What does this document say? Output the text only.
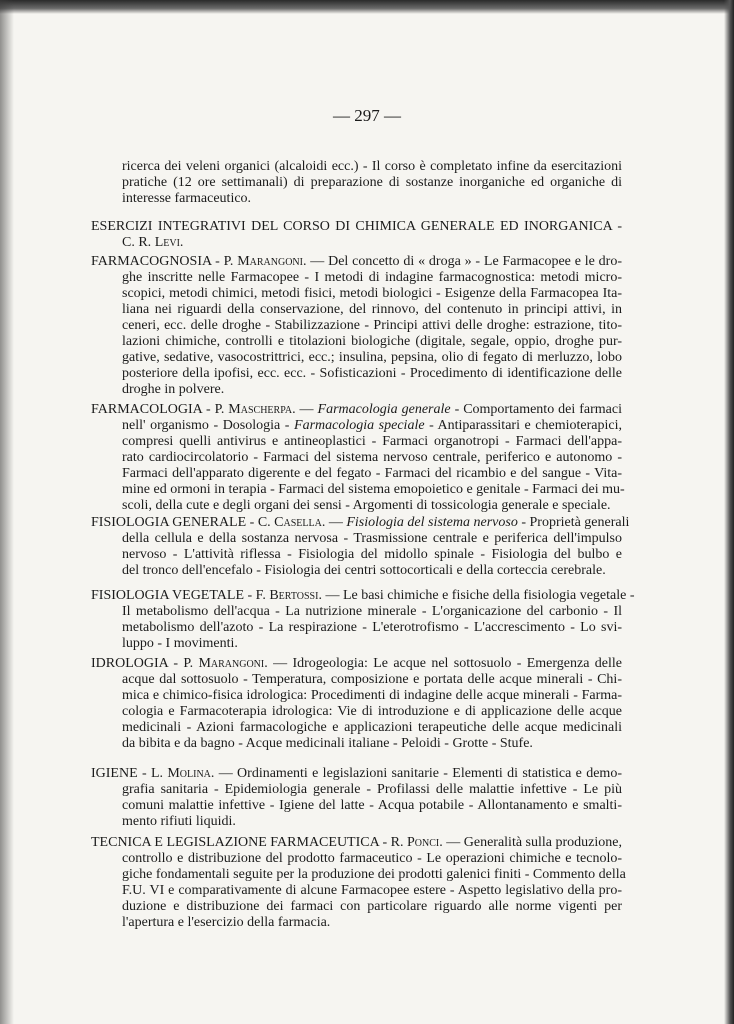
— 297 —
ricerca dei veleni organici (alcaloidi ecc.) - Il corso è completato infine da esercitazioni
pratiche (12 ore settimanali) di preparazione di sostanze inorganiche ed organiche di
interesse farmaceutico.
ESERCIZI INTEGRATIVI DEL CORSO DI CHIMICA GENERALE ED INORGANICA -
C. R. Levi.
FARMACOGNOSIA - P. Marangoni. — Del concetto di « droga » - Le Farmacopee e le dro-
ghe inscritte nelle Farmacopee - I metodi di indagine farmacognostica: metodi micro-
scopici, metodi chimici, metodi fisici, metodi biologici - Esigenze della Farmacopea Ita-
liana nei riguardi della conservazione, del rinnovo, del contenuto in principi attivi, in
ceneri, ecc. delle droghe - Stabilizzazione - Principi attivi delle droghe: estrazione, tito-
lazioni chimiche, controlli e titolazioni biologiche (digitale, segale, oppio, droghe pur-
gative, sedative, vasocostrittrici, ecc.; insulina, pepsina, olio di fegato di merluzzo, lobo
posteriore della ipofisi, ecc. ecc. - Sofisticazioni - Procedimento di identificazione delle
droghe in polvere.
FARMACOLOGIA - P. Mascherpa. — Farmacologia generale - Comportamento dei farmaci
nell' organismo - Dosologia - Farmacologia speciale - Antiparassitari e chemioterapici,
compresi quelli antivirus e antineoplastici - Farmaci organotropi - Farmaci dell'appa-
rato cardiocircolatorio - Farmaci del sistema nervoso centrale, periferico e autonomo -
Farmaci dell'apparato digerente e del fegato - Farmaci del ricambio e del sangue - Vita-
mine ed ormoni in terapia - Farmaci del sistema emopoietico e genitale - Farmaci dei mu-
scoli, della cute e degli organi dei sensi - Argomenti di tossicologia generale e speciale.
FISIOLOGIA GENERALE - C. Casella. — Fisiologia del sistema nervoso - Proprietà generali
della cellula e della sostanza nervosa - Trasmissione centrale e periferica dell'impulso
nervoso - L'attività riflessa - Fisiologia del midollo spinale - Fisiologia del bulbo e
del tronco dell'encefalo - Fisiologia dei centri sottocorticali e della corteccia cerebrale.
FISIOLOGIA VEGETALE - F. Bertossi. — Le basi chimiche e fisiche della fisiologia vegetale -
Il metabolismo dell'acqua - La nutrizione minerale - L'organicazione del carbonio - Il
metabolismo dell'azoto - La respirazione - L'eterotrofismo - L'accrescimento - Lo svi-
luppo - I movimenti.
IDROLOGIA - P. Marangoni. — Idrogeologia: Le acque nel sottosuolo - Emergenza delle
acque dal sottosuolo - Temperatura, composizione e portata delle acque minerali - Chi-
mica e chimico-fisica idrologica: Procedimenti di indagine delle acque minerali - Farma-
cologia e Farmacoterapia idrologica: Vie di introduzione e di applicazione delle acque
medicinali - Azioni farmacologiche e applicazioni terapeutiche delle acque medicinali
da bibita e da bagno - Acque medicinali italiane - Peloidi - Grotte - Stufe.
IGIENE - L. Molina. — Ordinamenti e legislazioni sanitarie - Elementi di statistica e demo-
grafia sanitaria - Epidemiologia generale - Profilassi delle malattie infettive - Le più
comuni malattie infettive - Igiene del latte - Acqua potabile - Allontanamento e smalti-
mento rifiuti liquidi.
TECNICA E LEGISLAZIONE FARMACEUTICA - R. Ponci. — Generalità sulla produzione,
controllo e distribuzione del prodotto farmaceutico - Le operazioni chimiche e tecnolo-
giche fondamentali seguite per la produzione dei prodotti galenici finiti - Commento della
F.U. VI e comparativamente di alcune Farmacopee estere - Aspetto legislativo della pro-
duzione e distribuzione dei farmaci con particolare riguardo alle norme vigenti per
l'apertura e l'esercizio della farmacia.
